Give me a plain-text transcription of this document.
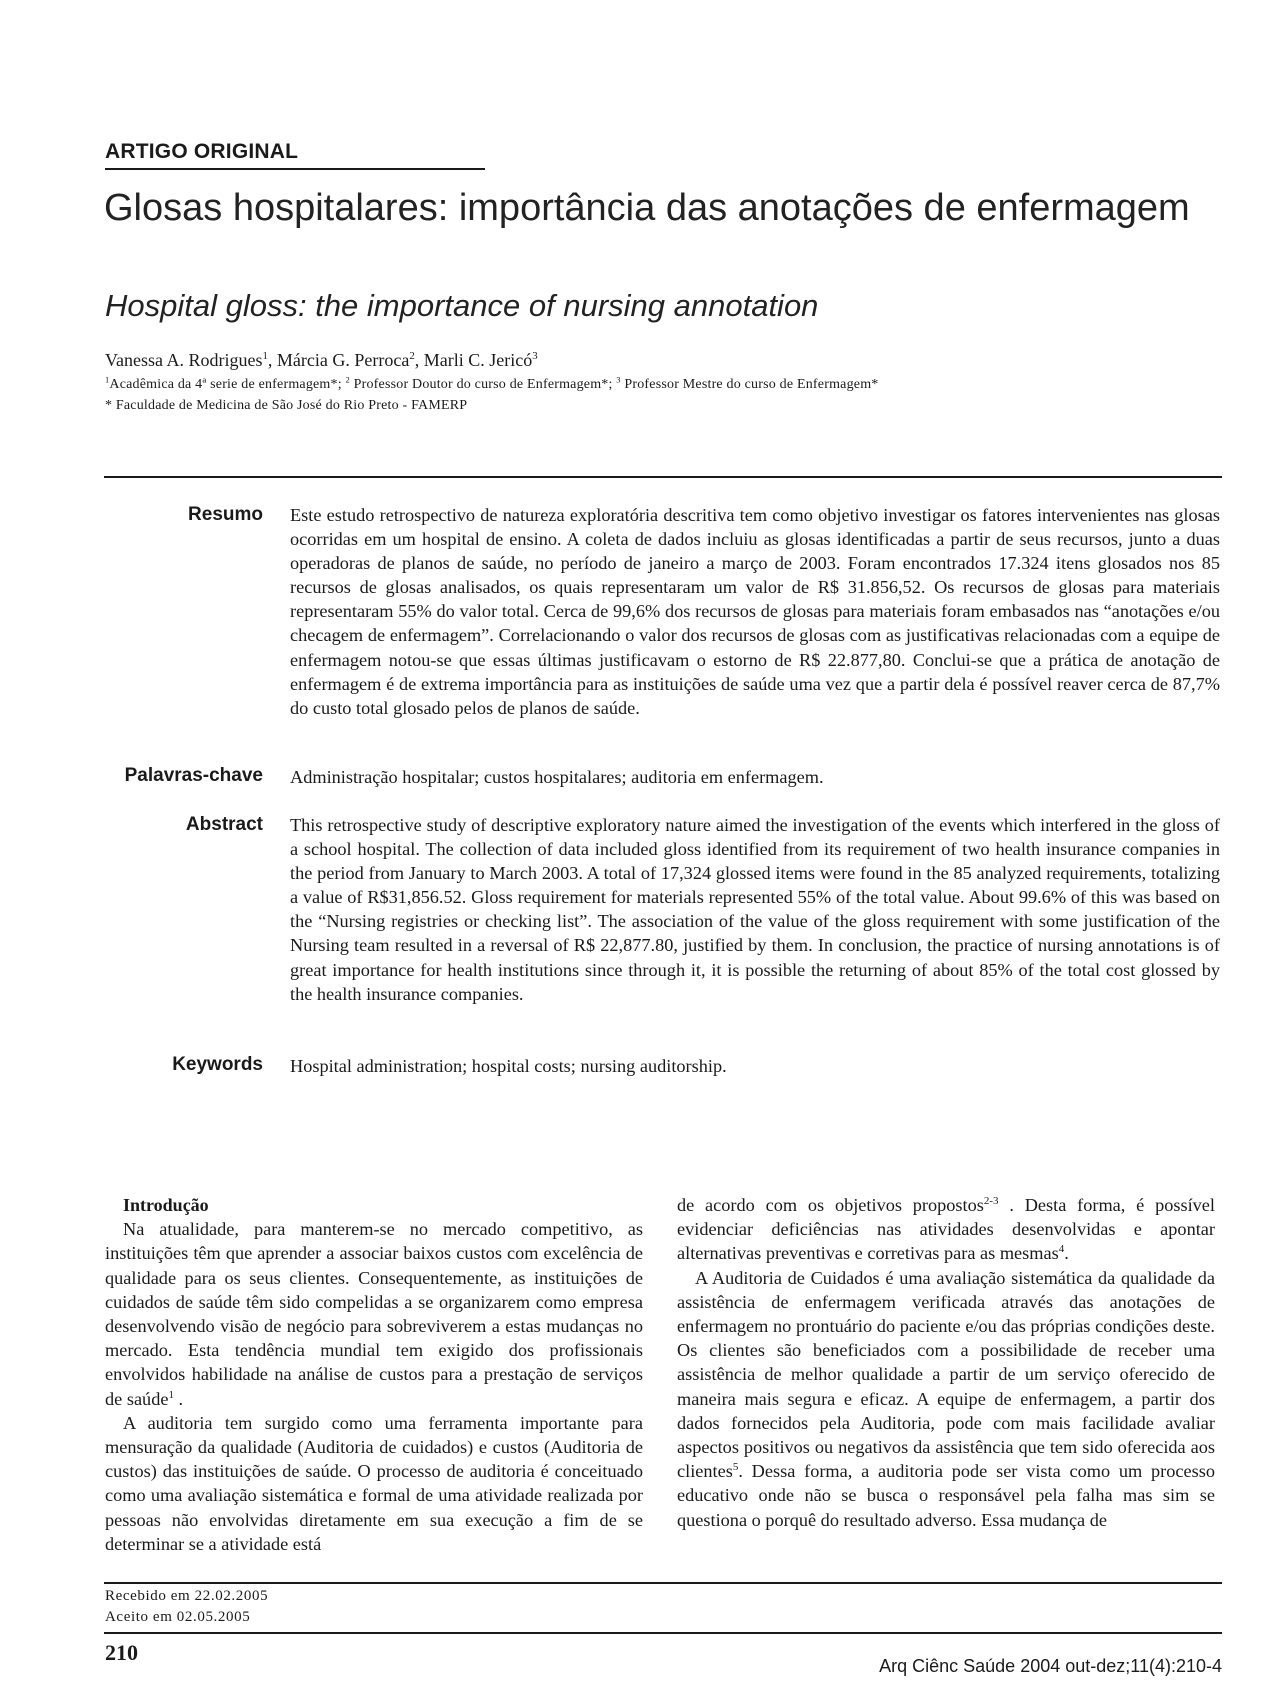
ARTIGO ORIGINAL
Glosas hospitalares: importância das anotações de enfermagem
Hospital gloss: the importance of nursing annotation
Vanessa A. Rodrigues$^1$, Márcia G. Perroca$^2$, Marli C. Jericó$^3$
$^1$Acadêmica da 4ª serie de enfermagem*; $^2$ Professor Doutor do curso de Enfermagem*; $^3$ Professor Mestre do curso de Enfermagem*
* Faculdade de Medicina de São José do Rio Preto - FAMERP
Resumo Este estudo retrospectivo de natureza exploratória descritiva tem como objetivo investigar os fatores intervenientes nas glosas ocorridas em um hospital de ensino. A coleta de dados incluiu as glosas identificadas a partir de seus recursos, junto a duas operadoras de planos de saúde, no período de janeiro a março de 2003. Foram encontrados 17.324 itens glosados nos 85 recursos de glosas analisados, os quais representaram um valor de R$ 31.856,52. Os recursos de glosas para materiais representaram 55% do valor total. Cerca de 99,6% dos recursos de glosas para materiais foram embasados nas “anotações e/ou checagem de enfermagem”. Correlacionando o valor dos recursos de glosas com as justificativas relacionadas com a equipe de enfermagem notou-se que essas últimas justificavam o estorno de R$ 22.877,80. Conclui-se que a prática de anotação de enfermagem é de extrema importância para as instituições de saúde uma vez que a partir dela é possível reaver cerca de 87,7% do custo total glosado pelos de planos de saúde.
Palavras-chave Administração hospitalar; custos hospitalares; auditoria em enfermagem.
Abstract This retrospective study of descriptive exploratory nature aimed the investigation of the events which interfered in the gloss of a school hospital. The collection of data included gloss identified from its requirement of two health insurance companies in the period from January to March 2003. A total of 17,324 glossed items were found in the 85 analyzed requirements, totalizing a value of R$31,856.52. Gloss requirement for materials represented 55% of the total value. About 99.6% of this was based on the “Nursing registries or checking list”. The association of the value of the gloss requirement with some justification of the Nursing team resulted in a reversal of R$ 22,877.80, justified by them. In conclusion, the practice of nursing annotations is of great importance for health institutions since through it, it is possible the returning of about 85% of the total cost glossed by the health insurance companies.
Keywords Hospital administration; hospital costs; nursing auditorship.
Introdução

Na atualidade, para manterem-se no mercado competitivo, as instituições têm que aprender a associar baixos custos com excelência de qualidade para os seus clientes. Consequentemente, as instituições de cuidados de saúde têm sido compelidas a se organizarem como empresa desenvolvendo visão de negócio para sobreviverem a estas mudanças no mercado. Esta tendência mundial tem exigido dos profissionais envolvidos habilidade na análise de custos para a prestação de serviços de saúde$^1$ .

A auditoria tem surgido como uma ferramenta importante para mensuração da qualidade (Auditoria de cuidados) e custos (Auditoria de custos) das instituições de saúde. O processo de auditoria é conceituado como uma avaliação sistemática e formal de uma atividade realizada por pessoas não envolvidas diretamente em sua execução a fim de se determinar se a atividade está

de acordo com os objetivos propostos$^{2-3}$ . Desta forma, é possível evidenciar deficiências nas atividades desenvolvidas e apontar alternativas preventivas e corretivas para as mesmas$^4$.

A Auditoria de Cuidados é uma avaliação sistemática da qualidade da assistência de enfermagem verificada através das anotações de enfermagem no prontuário do paciente e/ou das próprias condições deste. Os clientes são beneficiados com a possibilidade de receber uma assistência de melhor qualidade a partir de um serviço oferecido de maneira mais segura e eficaz. A equipe de enfermagem, a partir dos dados fornecidos pela Auditoria, pode com mais facilidade avaliar aspectos positivos ou negativos da assistência que tem sido oferecida aos clientes$^5$. Dessa forma, a auditoria pode ser vista como um processo educativo onde não se busca o responsável pela falha mas sim se questiona o porquê do resultado adverso. Essa mudança de

Recebido em 22.02.2005
Aceito em 02.05.2005
210
Arq Ciênc Saúde 2004 out-dez;11(4):210-4
